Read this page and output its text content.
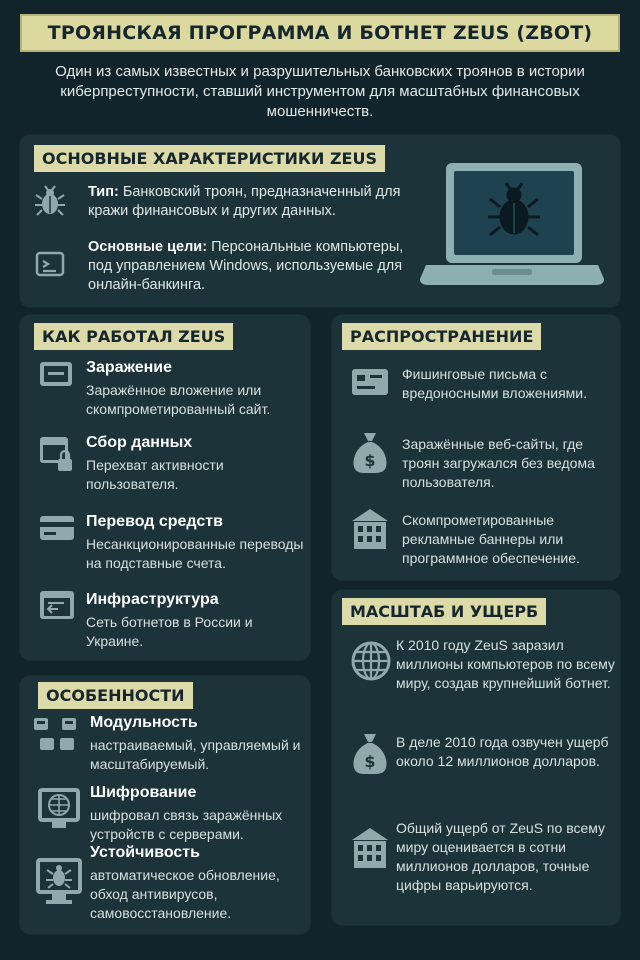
ТРОЯНСКАЯ ПРОГРАММА И БОТНЕТ ZEUS (ZBOT)
Один из самых известных и разрушительных банковских троянов в истории киберпреступности, ставший инструментом для масштабных финансовых мошенничеств.
ОСНОВНЫЕ ХАРАКТЕРИСТИКИ ZEUS
Тип: Банковский троян, предназначенный для кражи финансовых и других данных.
Основные цели: Персональные компьютеры, под управлением Windows, используемые для онлайн-банкинга.
КАК РАБОТАЛ ZEUS
Заражение
Заражённое вложение или скомпрометированный сайт.
Сбор данных
Перехват активности пользователя.
Перевод средств
Несанкционированные переводы на подставные счета.
Инфраструктура
Сеть ботнетов в России и Украине.
РАСПРОСТРАНЕНИЕ
Фишинговые письма с вредоносными вложениями.
$
Заражённые веб-сайты, где троян загружался без ведома пользователя.
Скомпрометированные рекламные баннеры или программное обеспечение.
ОСОБЕННОСТИ
Модульность
настраиваемый, управляемый и масштабируемый.
Шифрование
шифровал связь заражённых устройств с серверами.
Устойчивость
автоматическое обновление, обход антивирусов, самовосстановление.
МАСШТАБ И УЩЕРБ
К 2010 году ZeuS заразил миллионы компьютеров по всему миру, создав крупнейший ботнет.
$
В деле 2010 года озвучен ущерб около 12 миллионов долларов.
Общий ущерб от ZeuS по всему миру оценивается в сотни миллионов долларов, точные цифры варьируются.
